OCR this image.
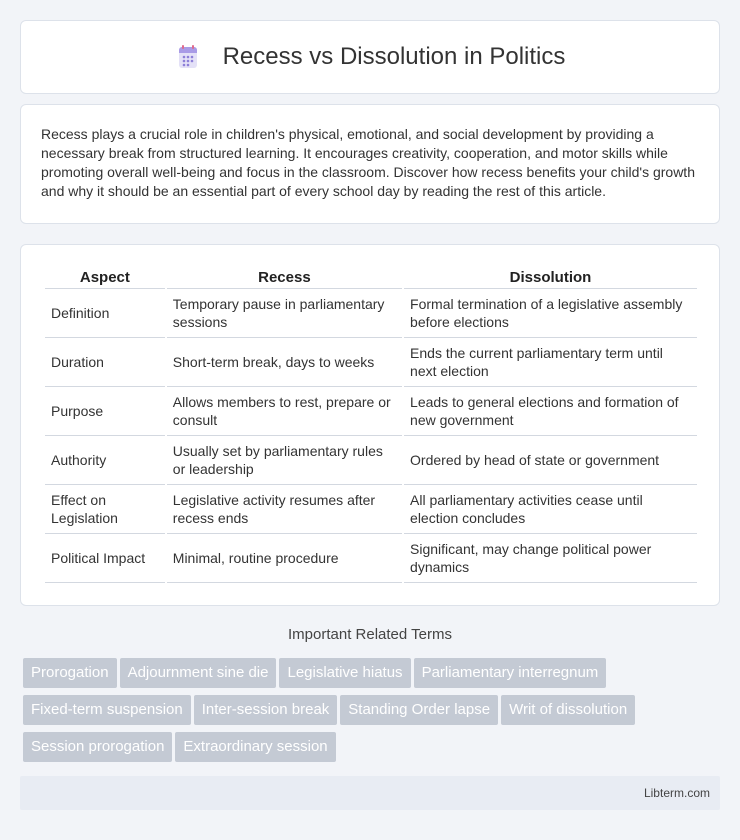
Recess vs Dissolution in Politics

Recess plays a crucial role in children's physical, emotional, and social development by providing a necessary break from structured learning. It encourages creativity, cooperation, and motor skills while promoting overall well-being and focus in the classroom. Discover how recess benefits your child's growth and why it should be an essential part of every school day by reading the rest of this article.

Aspect	Recess	Dissolution
Definition	Temporary pause in parliamentary sessions	Formal termination of a legislative assembly before elections
Duration	Short-term break, days to weeks	Ends the current parliamentary term until next election
Purpose	Allows members to rest, prepare or consult	Leads to general elections and formation of new government
Authority	Usually set by parliamentary rules or leadership	Ordered by head of state or government
Effect on Legislation	Legislative activity resumes after recess ends	All parliamentary activities cease until election concludes
Political Impact	Minimal, routine procedure	Significant, may change political power dynamics
Important Related Terms
Prorogation Adjournment sine die Legislative hiatus Parliamentary interregnum
Fixed-term suspension Inter-session break Standing Order lapse Writ of dissolution
Session prorogation Extraordinary session
Libterm.com
